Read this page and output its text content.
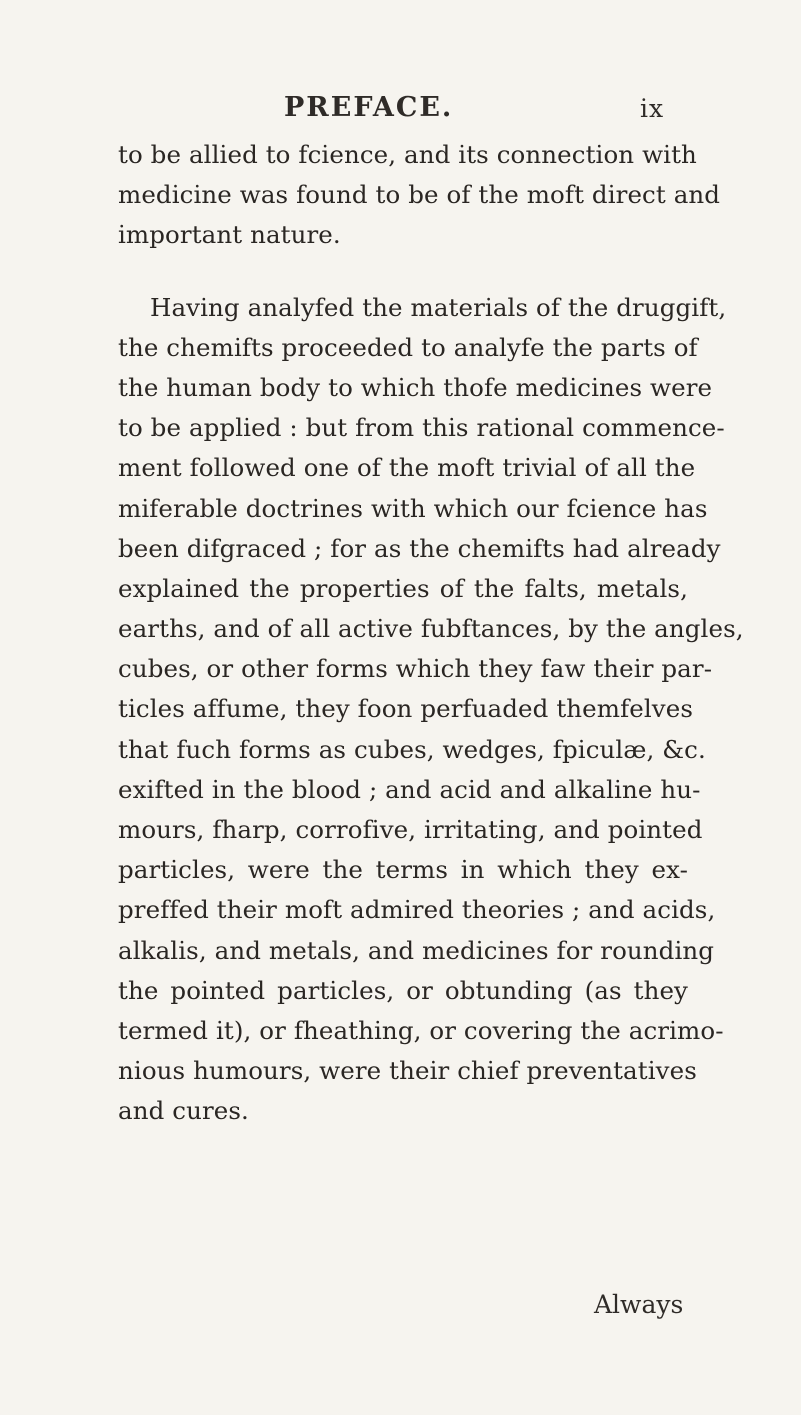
PREFACE.	ix
to be allied to fcience, and its connection with
medicine was found to be of the moft direct and
important nature.
Having analyfed the materials of the druggift,
the chemifts proceeded to analyfe the parts of
the human body to which thofe medicines were
to be applied : but from this rational commence-
ment followed one of the moft trivial of all the
miferable doctrines with which our fcience has
been difgraced ; for as the chemifts had already
explained the properties of the falts, metals,
earths, and of all active fubftances, by the angles,
cubes, or other forms which they faw their par-
ticles affume, they foon perfuaded themfelves
that fuch forms as cubes, wedges, fpiculæ, &c.
exifted in the blood ; and acid and alkaline hu-
mours, fharp, corrofive, irritating, and pointed
particles, were the terms in which they ex-
preffed their moft admired theories ; and acids,
alkalis, and metals, and medicines for rounding
the pointed particles, or obtunding (as they
termed it), or fheathing, or covering the acrimo-
nious humours, were their chief preventatives
and cures.
Always
